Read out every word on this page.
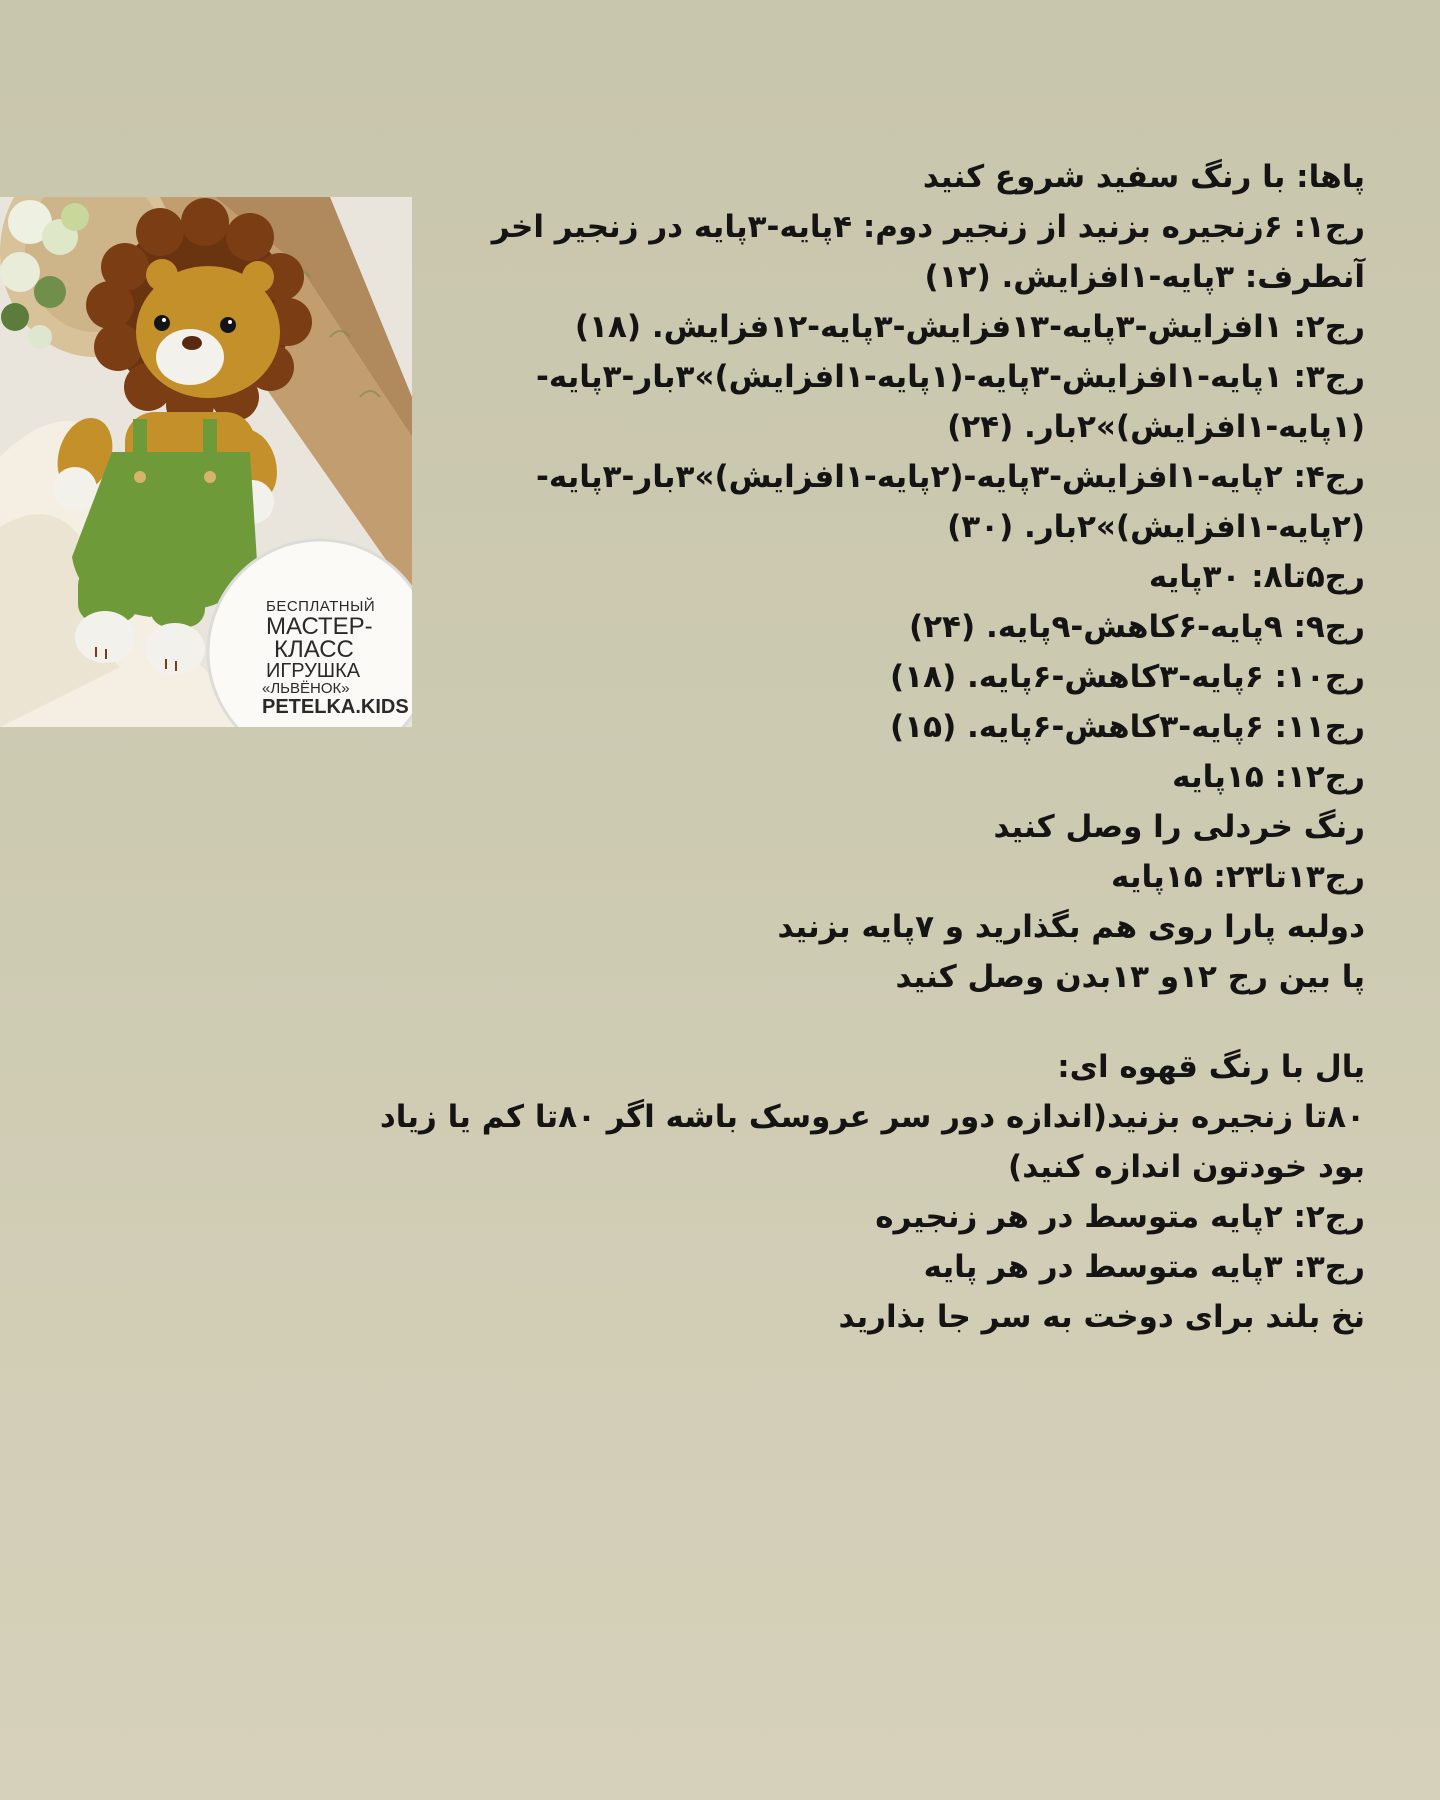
БЕСПЛАТНЫЙ
МАСТЕР-
КЛАСС
ИГРУШКА
«ЛЬВЁНОК»
PETELKA.KIDS
پاها: با رنگ سفید شروع کنید
رج۱: ۶زنجیره بزنید از زنجیر دوم: ۴پایه-۳پایه در زنجیر اخر
آنطرف: ۳پایه-۱افزایش. (۱۲)
رج۲: ۱افزایش-۳پایه-۱۳فزایش-۳پایه-۱۲فزایش. (۱۸)
رج۳: ۱پایه-۱افزایش-۳پایه-(۱پایه-۱افزایش)»۳بار-۳پایه-
(۱پایه-۱افزایش)»۲بار. (۲۴)
رج۴: ۲پایه-۱افزایش-۳پایه-(۲پایه-۱افزایش)»۳بار-۳پایه-
(۲پایه-۱افزایش)»۲بار. (۳۰)
رج۵تا۸: ۳۰پایه
رج۹: ۹پایه-۶کاهش-۹پایه. (۲۴)
رج۱۰: ۶پایه-۳کاهش-۶پایه. (۱۸)
رج۱۱: ۶پایه-۳کاهش-۶پایه. (۱۵)
رج۱۲: ۱۵پایه
رنگ خردلی را وصل کنید
رج۱۳تا۲۳: ۱۵پایه
دولبه پارا روی هم بگذارید و ۷پایه بزنید
پا بین رج ۱۲و ۱۳بدن وصل کنید
یال با رنگ قهوه ای:
۸۰تا زنجیره بزنید(اندازه دور سر عروسک باشه اگر ۸۰تا کم یا زیاد
بود خودتون اندازه کنید)
رج۲: ۲پایه متوسط در هر زنجیره
رج۳: ۳پایه متوسط در هر پایه
نخ بلند برای دوخت به سر جا بذارید
